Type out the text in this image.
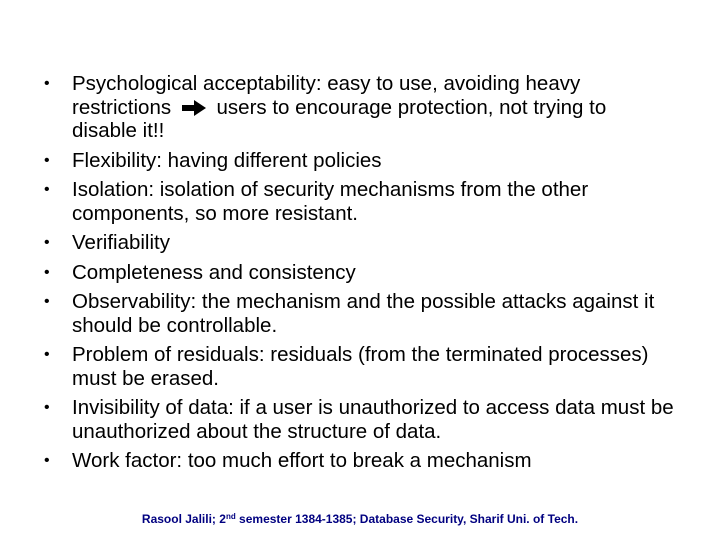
• Psychological acceptability: easy to use, avoiding heavy restrictions users to encourage protection, not trying to disable it!!
• Flexibility: having different policies
• Isolation: isolation of security mechanisms from the other components, so more resistant.
• Verifiability
• Completeness and consistency
• Observability: the mechanism and the possible attacks against it should be controllable.
• Problem of residuals: residuals (from the terminated processes) must be erased.
• Invisibility of data: if a user is unauthorized to access data must be unauthorized about the structure of data.
• Work factor: too much effort to break a mechanism
Rasool Jalili; 2nd semester 1384-1385; Database Security, Sharif Uni. of Tech.
